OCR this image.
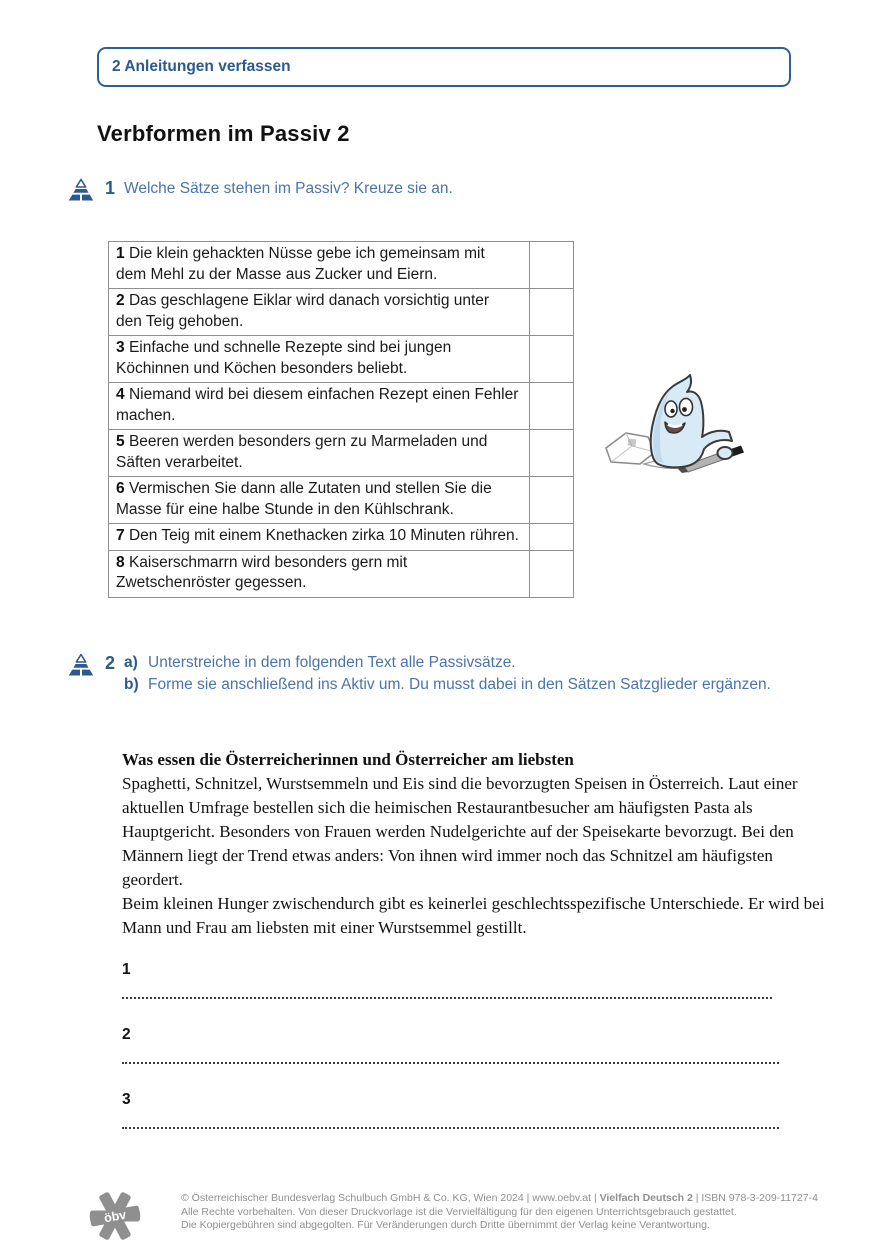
2 Anleitungen verfassen
Verbformen im Passiv 2
1 Welche Sätze stehen im Passiv? Kreuze sie an.
1 Die klein gehackten Nüsse gebe ich gemeinsam mit dem Mehl zu der Masse aus Zucker und Eiern.	
2 Das geschlagene Eiklar wird danach vorsichtig unter den Teig gehoben.	
3 Einfache und schnelle Rezepte sind bei jungen Köchinnen und Köchen besonders beliebt.	
4 Niemand wird bei diesem einfachen Rezept einen Fehler machen.	
5 Beeren werden besonders gern zu Marmeladen und Säften verarbeitet.	
6 Vermischen Sie dann alle Zutaten und stellen Sie die Masse für eine halbe Stunde in den Kühlschrank.	
7 Den Teig mit einem Knethacken zirka 10 Minuten rühren.	
8 Kaiserschmarrn wird besonders gern mit Zwetschenröster gegessen.	
2 a) Unterstreiche in dem folgenden Text alle Passivsätze.
b) Forme sie anschließend ins Aktiv um. Du musst dabei in den Sätzen Satzglieder ergänzen.
Was essen die Österreicherinnen und Österreicher am liebsten

Spaghetti, Schnitzel, Wurstsemmeln und Eis sind die bevorzugten Speisen in Österreich. Laut einer aktuellen Umfrage bestellen sich die heimischen Restaurantbesucher am häufigsten Pasta als Hauptgericht. Besonders von Frauen werden Nudelgerichte auf der Speisekarte bevorzugt. Bei den Männern liegt der Trend etwas anders: Von ihnen wird immer noch das Schnitzel am häufigsten geordert.

Beim kleinen Hunger zwischendurch gibt es keinerlei geschlechtsspezifische Unterschiede. Er wird bei Mann und Frau am liebsten mit einer Wurstsemmel gestillt.

1
2
3
öbv
© Österreichischer Bundesverlag Schulbuch GmbH & Co. KG, Wien 2024 | www.oebv.at | Vielfach Deutsch 2 | ISBN 978-3-209-11727-4
Alle Rechte vorbehalten. Von dieser Druckvorlage ist die Vervielfältigung für den eigenen Unterrichtsgebrauch gestattet.
Die Kopiergebühren sind abgegolten. Für Veränderungen durch Dritte übernimmt der Verlag keine Verantwortung.
